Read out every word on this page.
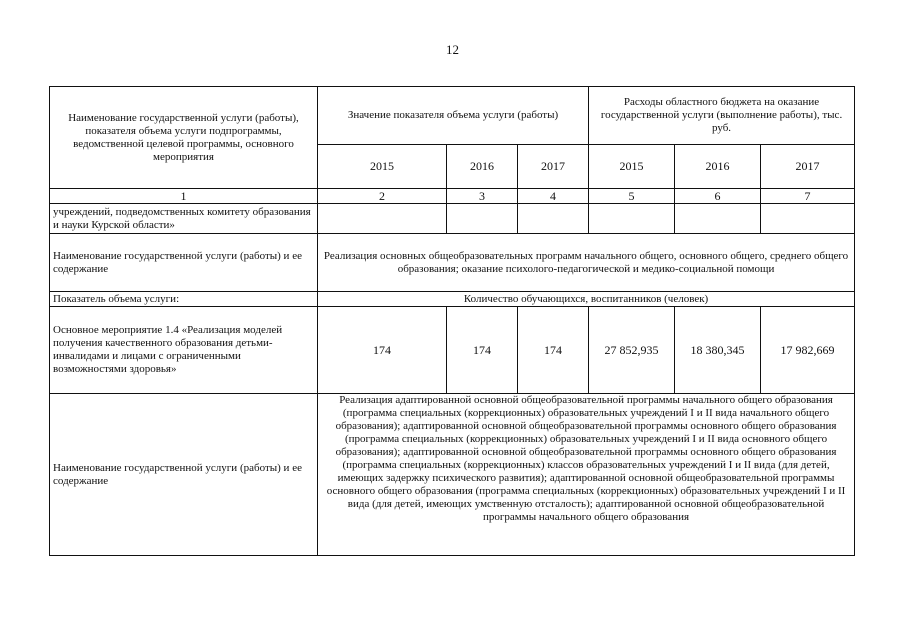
12
Наименование государственной услуги (работы), показателя объема услуги подпрограммы, ведомственной целевой программы, основного мероприятия	Значение показателя объема услуги (работы)			Расходы областного бюджета на оказание государственной услуги (выполнение работы), тыс. руб.		
	2015	2016	2017	2015	2016	2017
1	2	3	4	5	6	7
учреждений, подведомственных комитету образования и науки Курской области»						
Наименование государственной услуги (работы) и ее содержание	Реализация основных общеобразовательных программ начального общего, основного общего, среднего общего образования; оказание психолого-педагогической и медико-социальной помощи					
Показатель объема услуги:	Количество обучающихся, воспитанников (человек)					
Основное мероприятие 1.4 «Реализация моделей получения качественного образования детьми-инвалидами и лицами с ограниченными возможностями здоровья»	174	174	174	27 852,935	18 380,345	17 982,669
Наименование государственной услуги (работы) и ее содержание	Реализация адаптированной основной общеобразовательной программы начального общего образования (программа специальных (коррекционных) образовательных учреждений I и II вида начального общего образования); адаптированной основной общеобразовательной программы основного общего образования (программа специальных (коррекционных) образовательных учреждений I и II вида основного общего образования); адаптированной основной общеобразовательной программы основного общего образования (программа специальных (коррекционных) классов образовательных учреждений I и II вида (для детей, имеющих задержку психического развития); адаптированной основной общеобразовательной программы основного общего образования (программа специальных (коррекционных) образовательных учреждений I и II вида (для детей, имеющих умственную отсталость); адаптированной основной общеобразовательной программы начального общего образования					
